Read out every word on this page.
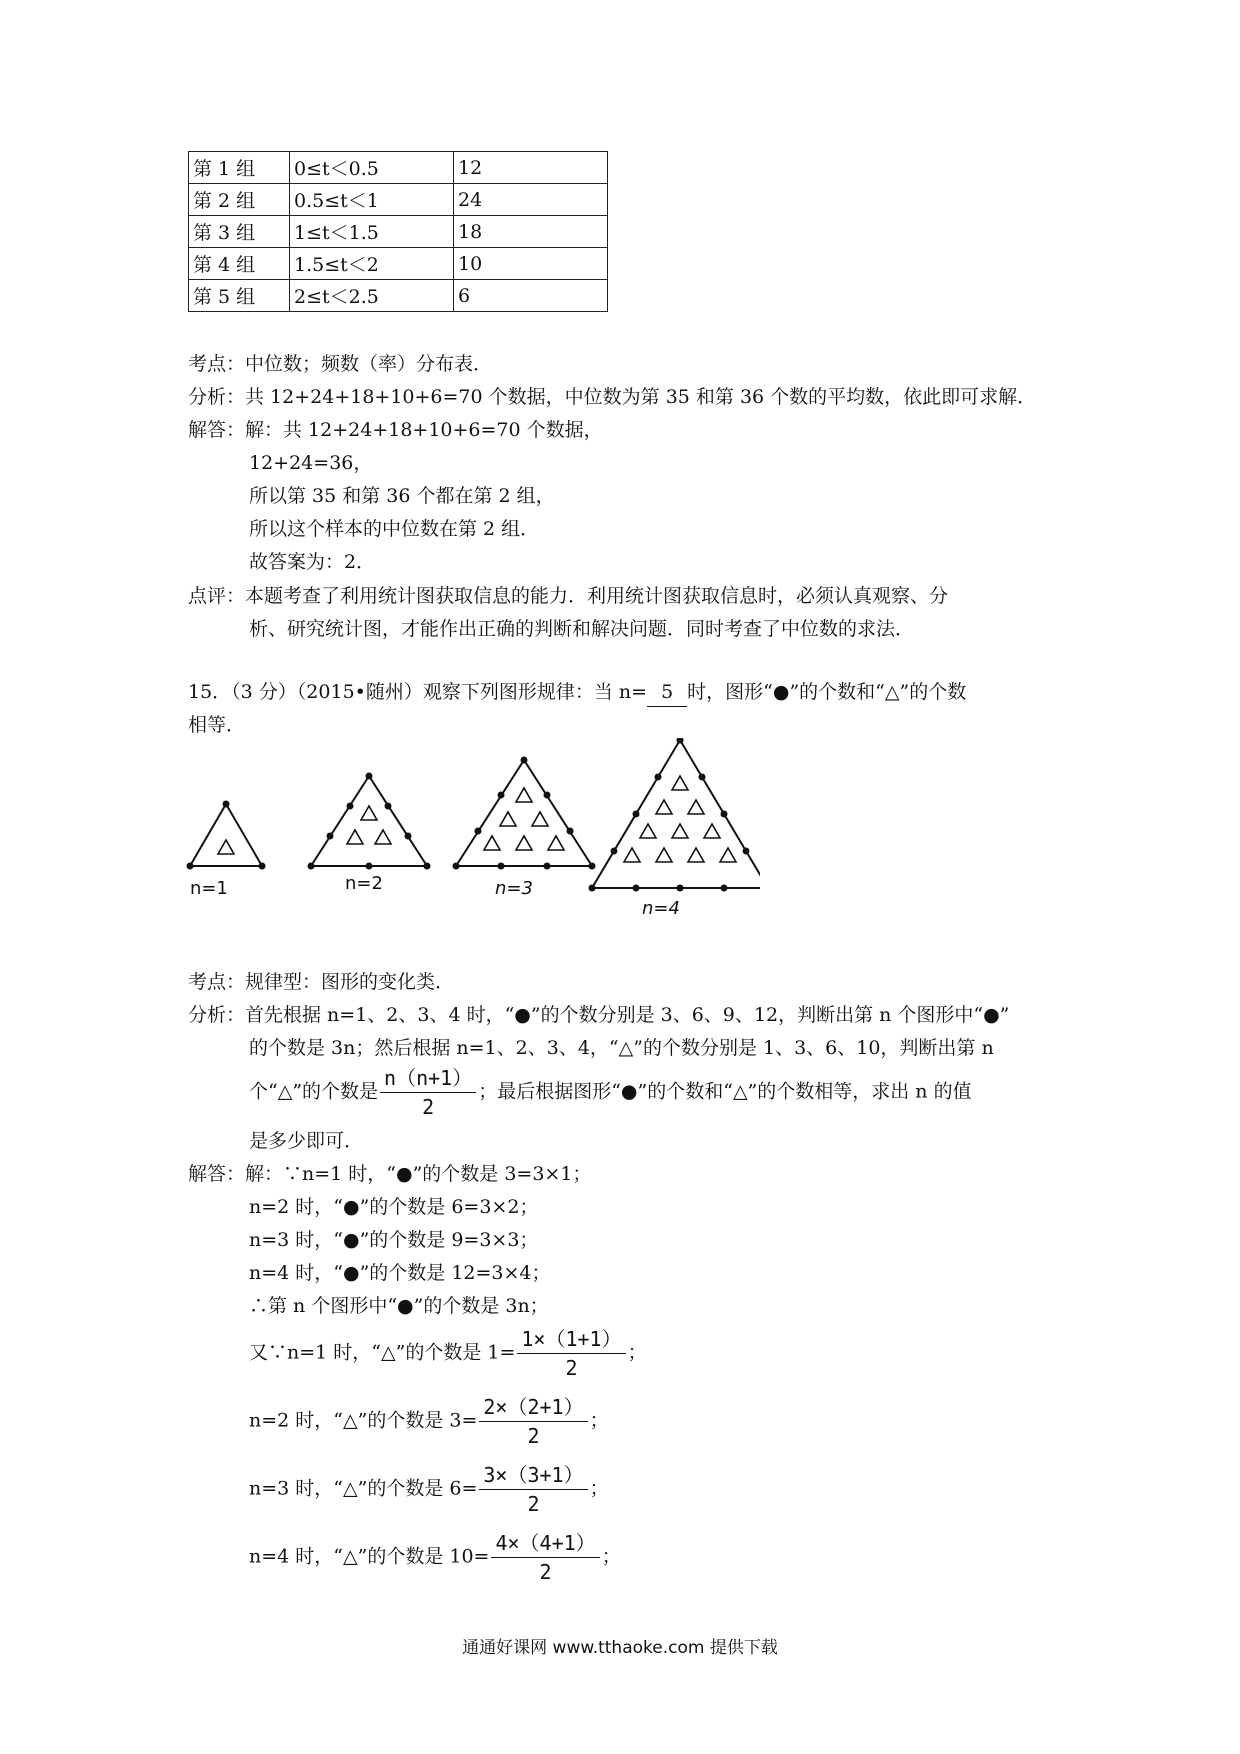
第 1 组	0≤t＜0.5	12
第 2 组	0.5≤t＜1	24
第 3 组	1≤t＜1.5	18
第 4 组	1.5≤t＜2	10
第 5 组	2≤t＜2.5	6
考点：中位数；频数（率）分布表．
分析：共 12+24+18+10+6=70 个数据，中位数为第 35 和第 36 个数的平均数，依此即可求解．
解答：解：共 12+24+18+10+6=70 个数据，
12+24=36，
所以第 35 和第 36 个都在第 2 组，
所以这个样本的中位数在第 2 组．
故答案为：2．
点评：本题考查了利用统计图获取信息的能力．利用统计图获取信息时，必须认真观察、分
析、研究统计图，才能作出正确的判断和解决问题．同时考查了中位数的求法．
15．（3 分）（2015•随州）观察下列图形规律：当 n= 5 时，图形“●”的个数和“△”的个数
相等．
n=1	n=2	n=3
n=4
考点：规律型：图形的变化类．
分析：首先根据 n=1、2、3、4 时，“●”的个数分别是 3、6、9、12，判断出第 n 个图形中“●”
的个数是 3n；然后根据 n=1、2、3、4，“△”的个数分别是 1、3、6、10，判断出第 n
个“△”的个数是 $\frac{n(n+1)}{2}$ ；最后根据图形“●”的个数和“△”的个数相等，求出 n 的值
是多少即可．
解答：解：∵n=1 时，“●”的个数是 3=3×1；
n=2 时，“●”的个数是 6=3×2；
n=3 时，“●”的个数是 9=3×3；
n=4 时，“●”的个数是 12=3×4；
∴第 n 个图形中“●”的个数是 3n；
又∵n=1 时，“△”的个数是 $1= \frac{1\times(1+1)}{2}$ ；
n=2 时，“△”的个数是 $3= \frac{2\times(2+1)}{2}$ ；
n=3 时，“△”的个数是 $6= \frac{3\times(3+1)}{2}$ ；
n=4 时，“△”的个数是 $10= \frac{4\times(4+1)}{2}$ ；
通通好课网 www.tthaoke.com 提供下载
